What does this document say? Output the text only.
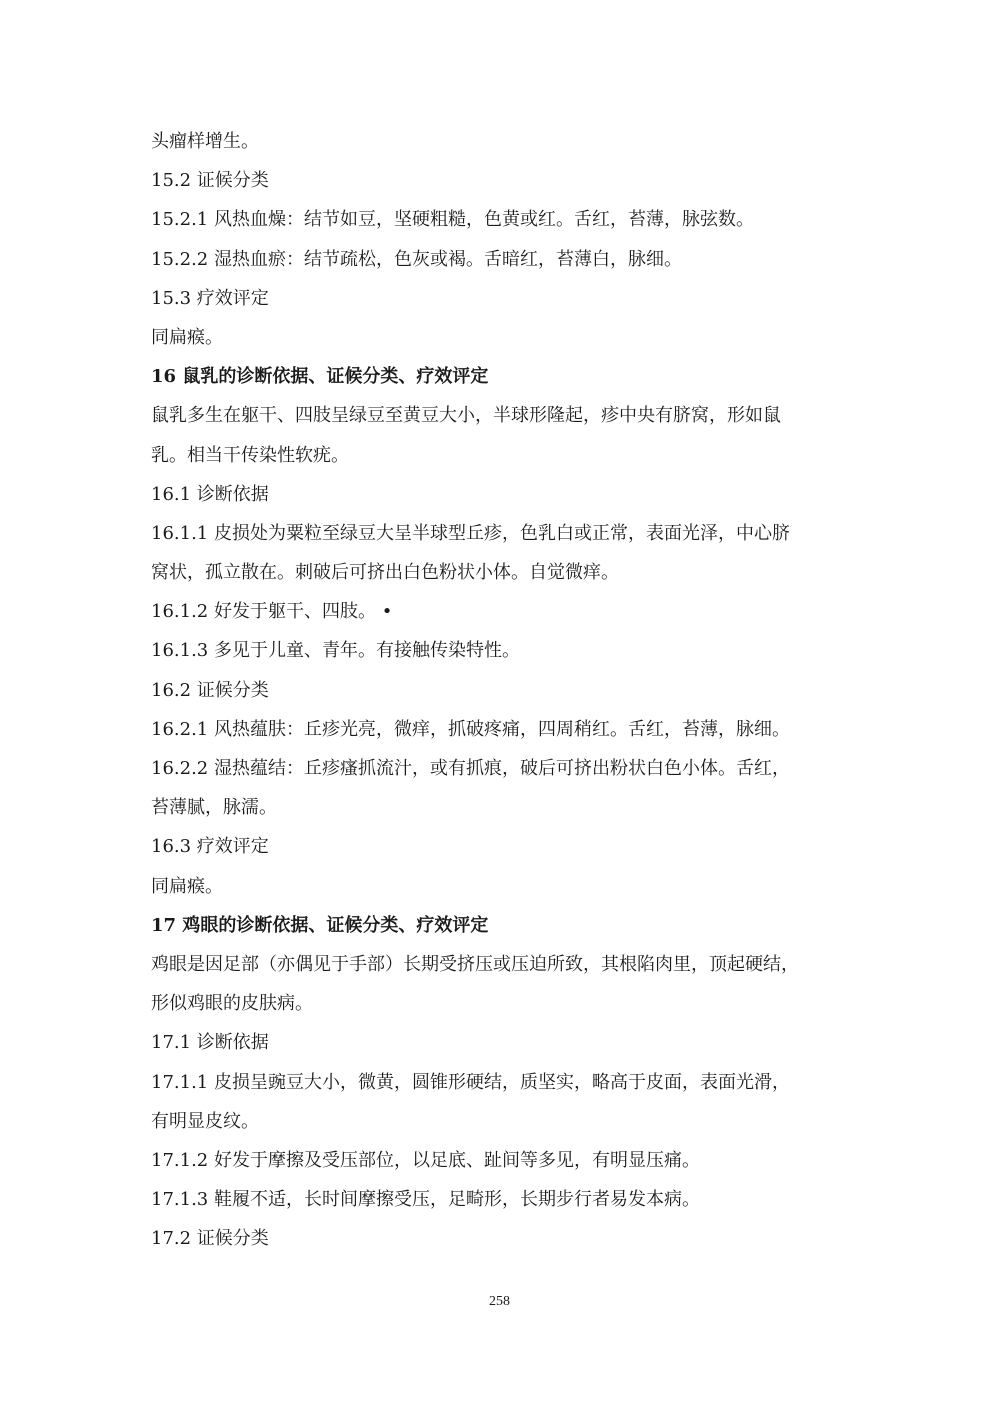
头瘤样增生。
15.2 证候分类
15.2.1 风热血燥：结节如豆，坚硬粗糙，色黄或红。舌红，苔薄，脉弦数。
15.2.2 湿热血瘀：结节疏松，色灰或褐。舌暗红，苔薄白，脉细。
15.3 疗效评定
同扁瘊。
16 鼠乳的诊断依据、证候分类、疗效评定
鼠乳多生在躯干、四肢呈绿豆至黄豆大小，半球形隆起，疹中央有脐窝，形如鼠
乳。相当干传染性软疣。
16.1 诊断依据
16.1.1 皮损处为粟粒至绿豆大呈半球型丘疹，色乳白或正常，表面光泽，中心脐
窝状，孤立散在。刺破后可挤出白色粉状小体。自觉微痒。
16.1.2 好发于躯干、四肢。 •
16.1.3 多见于儿童、青年。有接触传染特性。
16.2 证候分类
16.2.1 风热蕴肤：丘疹光亮，微痒，抓破疼痛，四周稍红。舌红，苔薄，脉细。
16.2.2 湿热蕴结：丘疹瘙抓流汁，或有抓痕，破后可挤出粉状白色小体。舌红，
苔薄腻，脉濡。
16.3 疗效评定
同扁瘊。
17 鸡眼的诊断依据、证候分类、疗效评定
鸡眼是因足部（亦偶见于手部）长期受挤压或压迫所致，其根陷肉里，顶起硬结，
形似鸡眼的皮肤病。
17.1 诊断依据
17.1.1 皮损呈豌豆大小，微黄，圆锥形硬结，质坚实，略高于皮面，表面光滑，
有明显皮纹。
17.1.2 好发于摩擦及受压部位，以足底、趾间等多见，有明显压痛。
17.1.3 鞋履不适，长时间摩擦受压，足畸形，长期步行者易发本病。
17.2 证候分类
258
